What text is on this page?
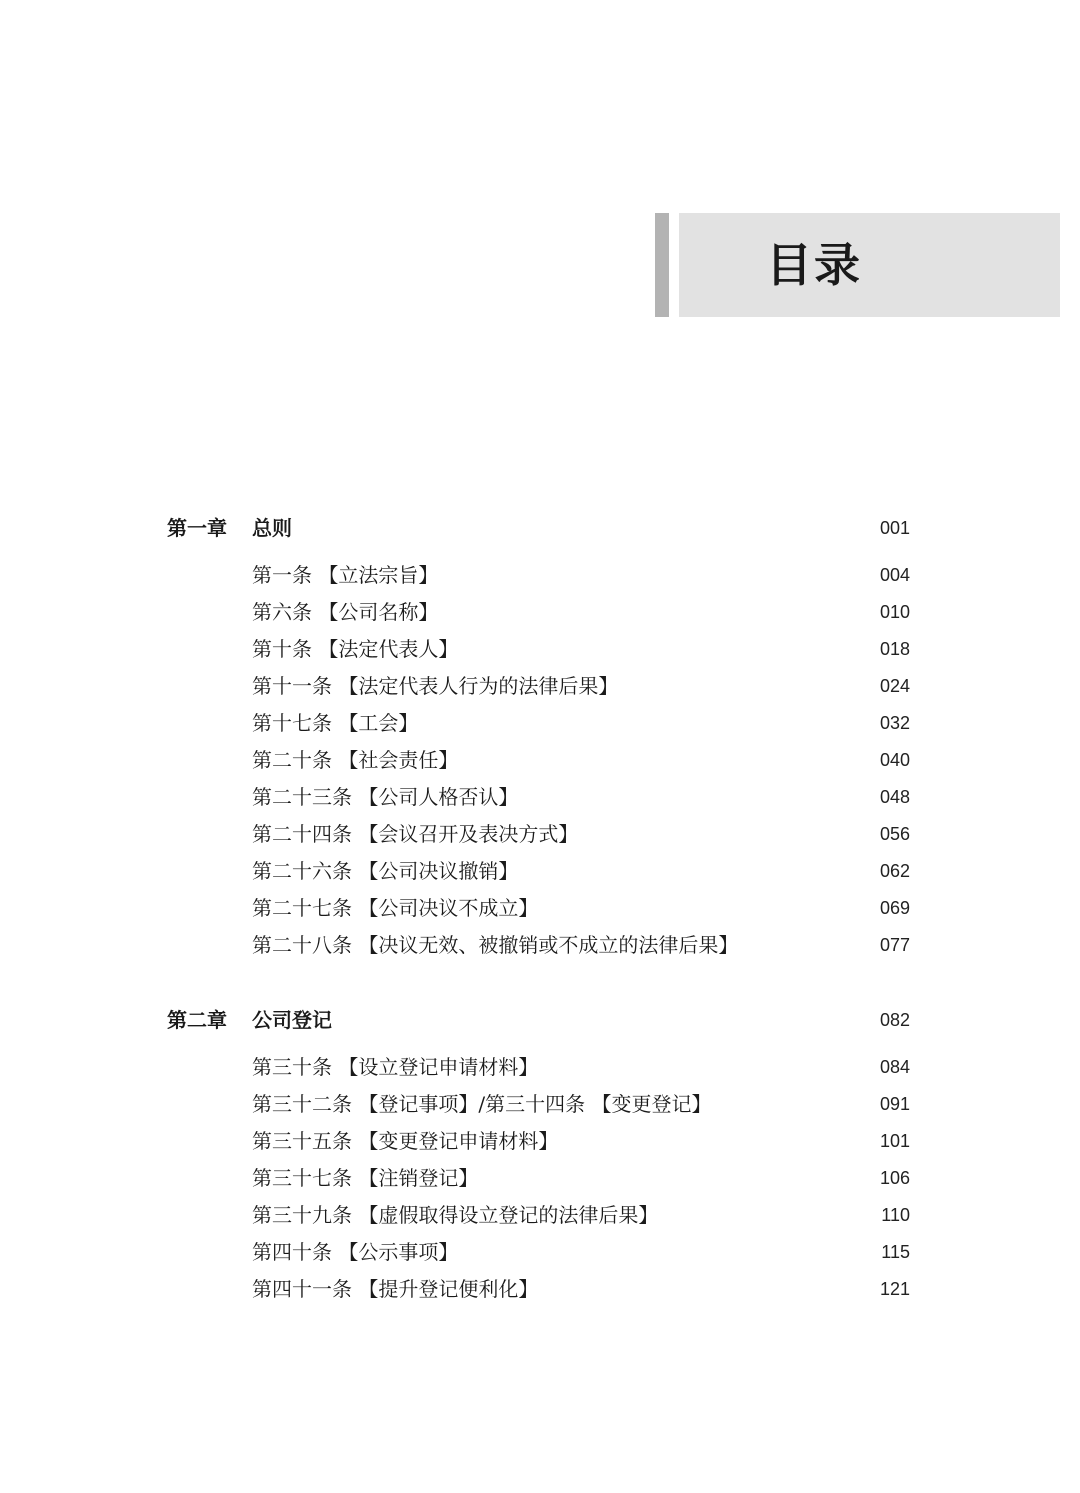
目录
第一章 总则	001
第一条 【立法宗旨】	004
第六条 【公司名称】	010
第十条 【法定代表人】	018
第十一条 【法定代表人行为的法律后果】	024
第十七条 【工会】	032
第二十条 【社会责任】	040
第二十三条 【公司人格否认】	048
第二十四条 【会议召开及表决方式】	056
第二十六条 【公司决议撤销】	062
第二十七条 【公司决议不成立】	069
第二十八条 【决议无效、被撤销或不成立的法律后果】	077
第二章 公司登记	082
第三十条 【设立登记申请材料】	084
第三十二条 【登记事项】/第三十四条 【变更登记】	091
第三十五条 【变更登记申请材料】	101
第三十七条 【注销登记】	106
第三十九条 【虚假取得设立登记的法律后果】	110
第四十条 【公示事项】	115
第四十一条 【提升登记便利化】	121
